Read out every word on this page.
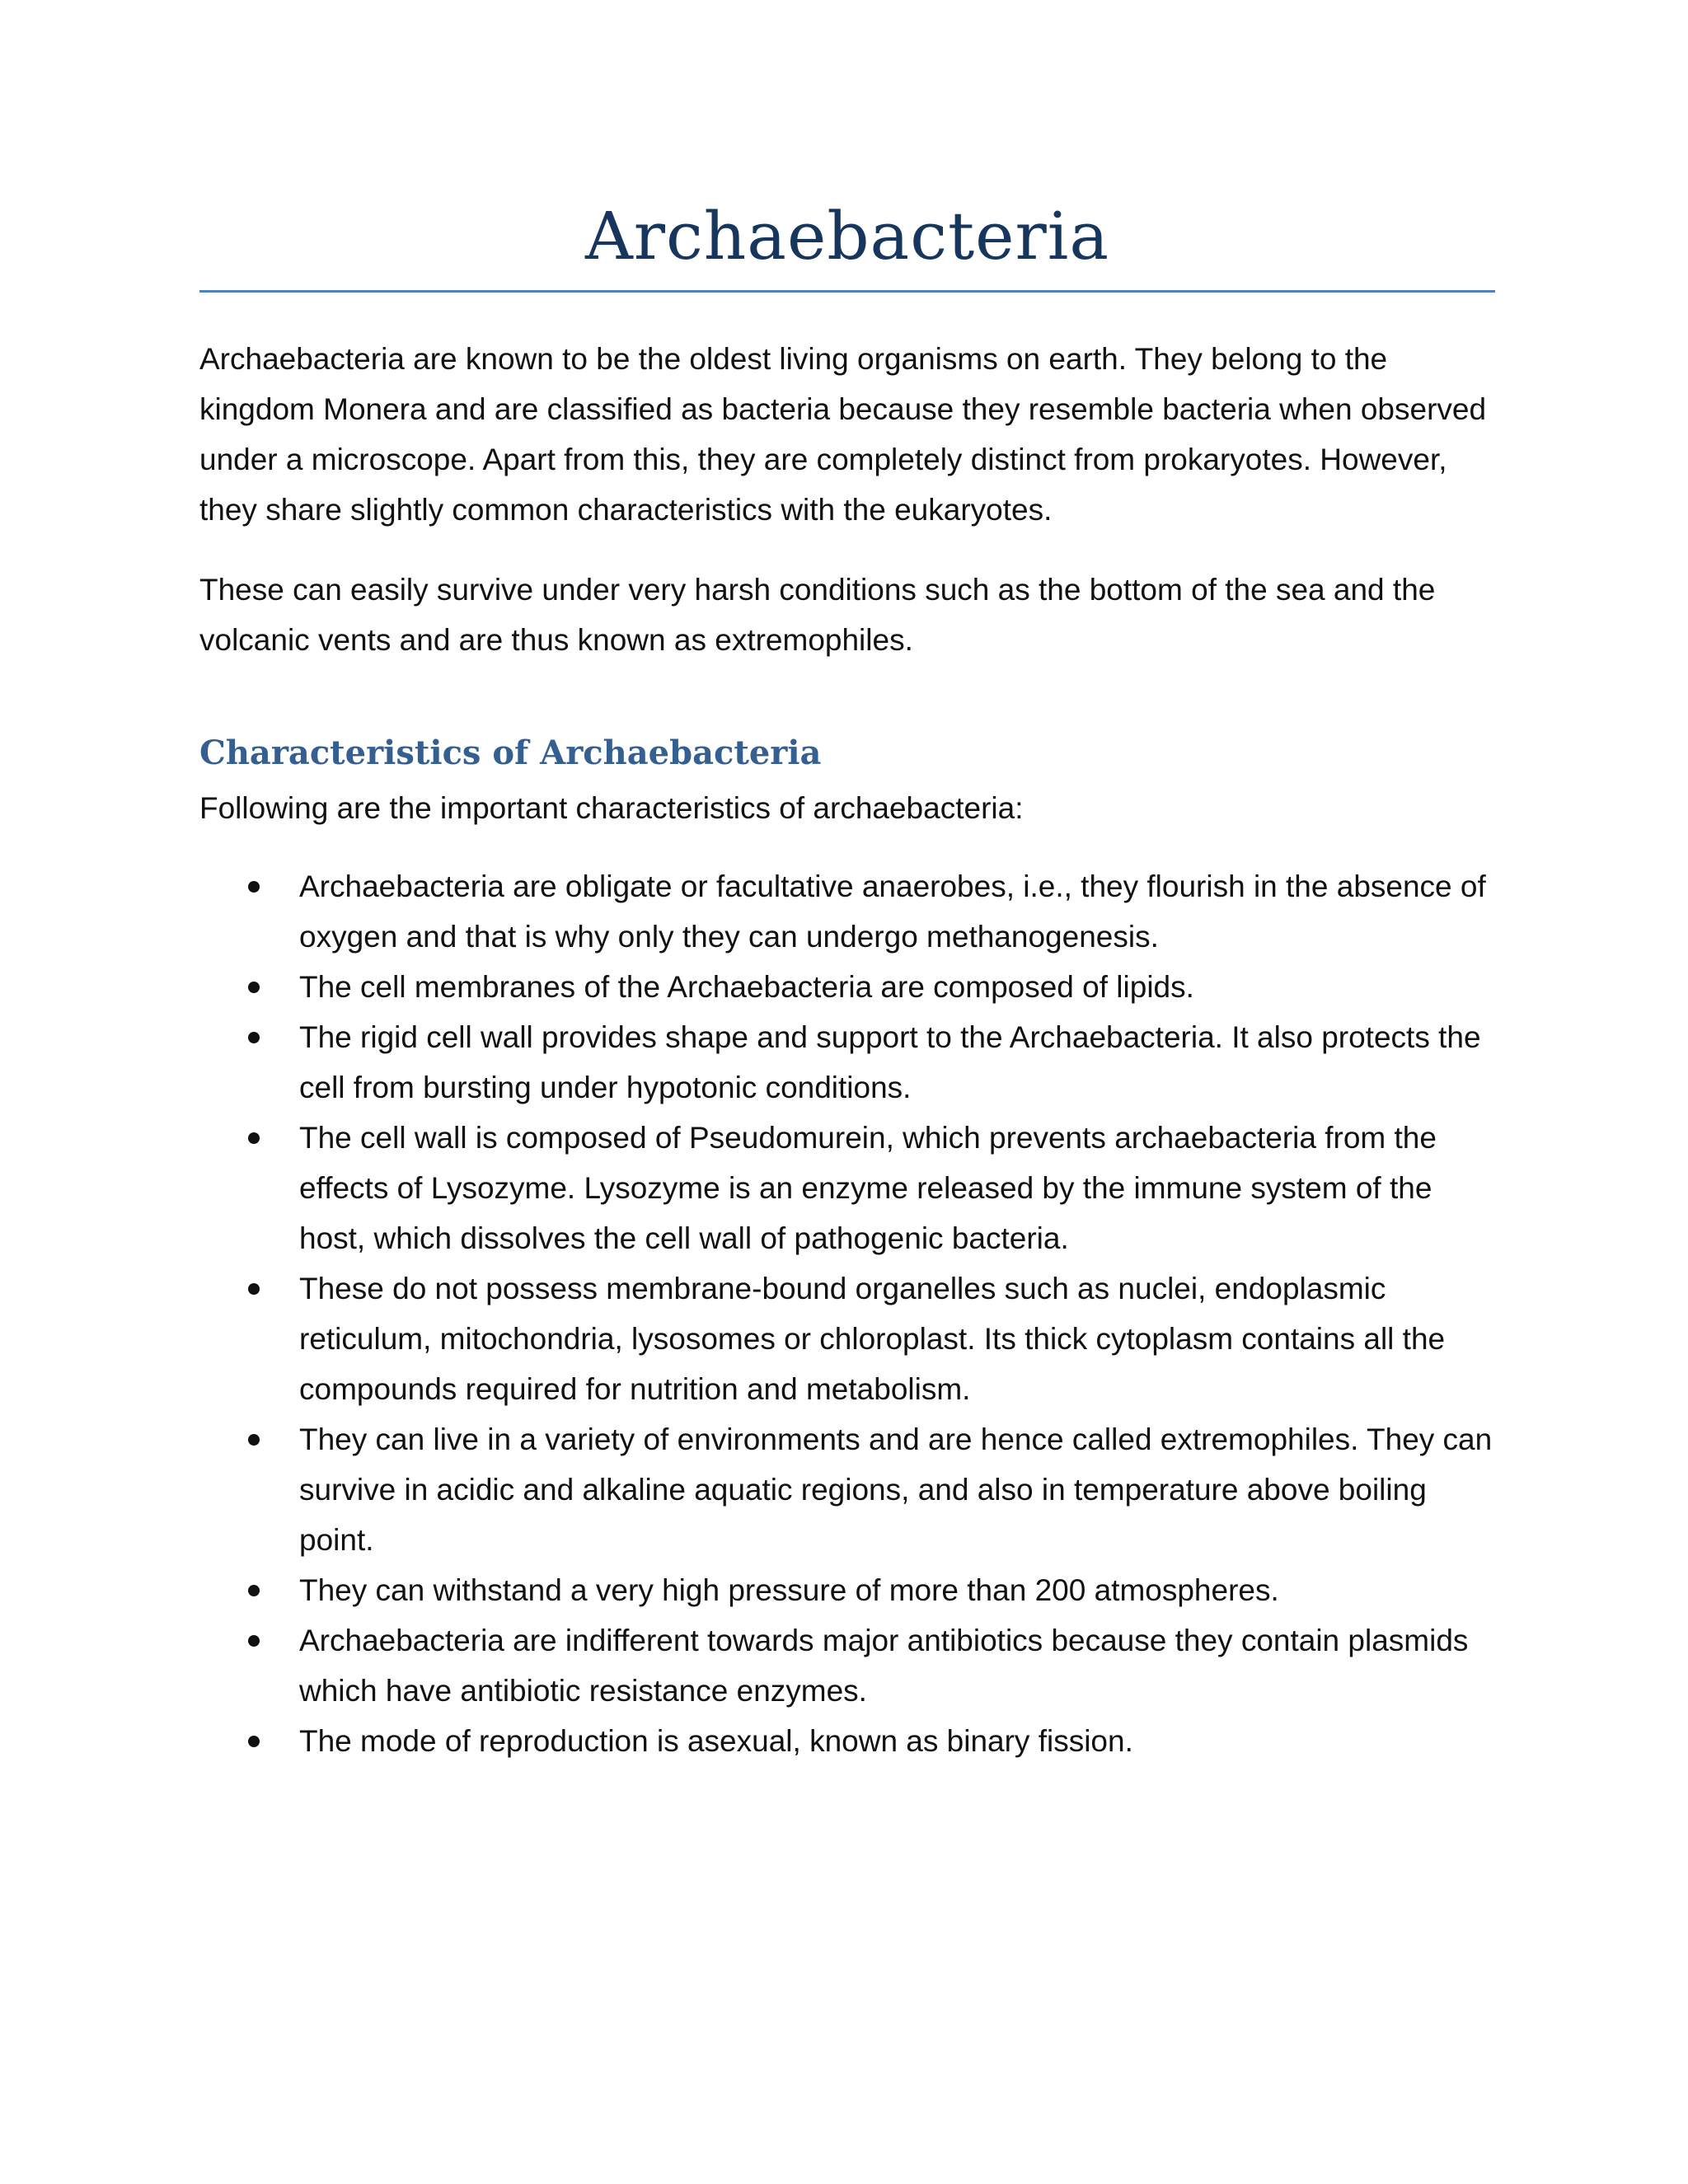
Archaebacteria

Archaebacteria are known to be the oldest living organisms on earth. They belong to the kingdom Monera and are classified as bacteria because they resemble bacteria when observed under a microscope. Apart from this, they are completely distinct from prokaryotes. However, they share slightly common characteristics with the eukaryotes.

These can easily survive under very harsh conditions such as the bottom of the sea and the volcanic vents and are thus known as extremophiles.

Characteristics of Archaebacteria

Following are the important characteristics of archaebacteria:

Archaebacteria are obligate or facultative anaerobes, i.e., they flourish in the absence of oxygen and that is why only they can undergo methanogenesis.
The cell membranes of the Archaebacteria are composed of lipids.
The rigid cell wall provides shape and support to the Archaebacteria. It also protects the cell from bursting under hypotonic conditions.
The cell wall is composed of Pseudomurein, which prevents archaebacteria from the effects of Lysozyme. Lysozyme is an enzyme released by the immune system of the host, which dissolves the cell wall of pathogenic bacteria.
These do not possess membrane-bound organelles such as nuclei, endoplasmic reticulum, mitochondria, lysosomes or chloroplast. Its thick cytoplasm contains all the compounds required for nutrition and metabolism.
They can live in a variety of environments and are hence called extremophiles. They can survive in acidic and alkaline aquatic regions, and also in temperature above boiling point.
They can withstand a very high pressure of more than 200 atmospheres.
Archaebacteria are indifferent towards major antibiotics because they contain plasmids which have antibiotic resistance enzymes.
The mode of reproduction is asexual, known as binary fission.
